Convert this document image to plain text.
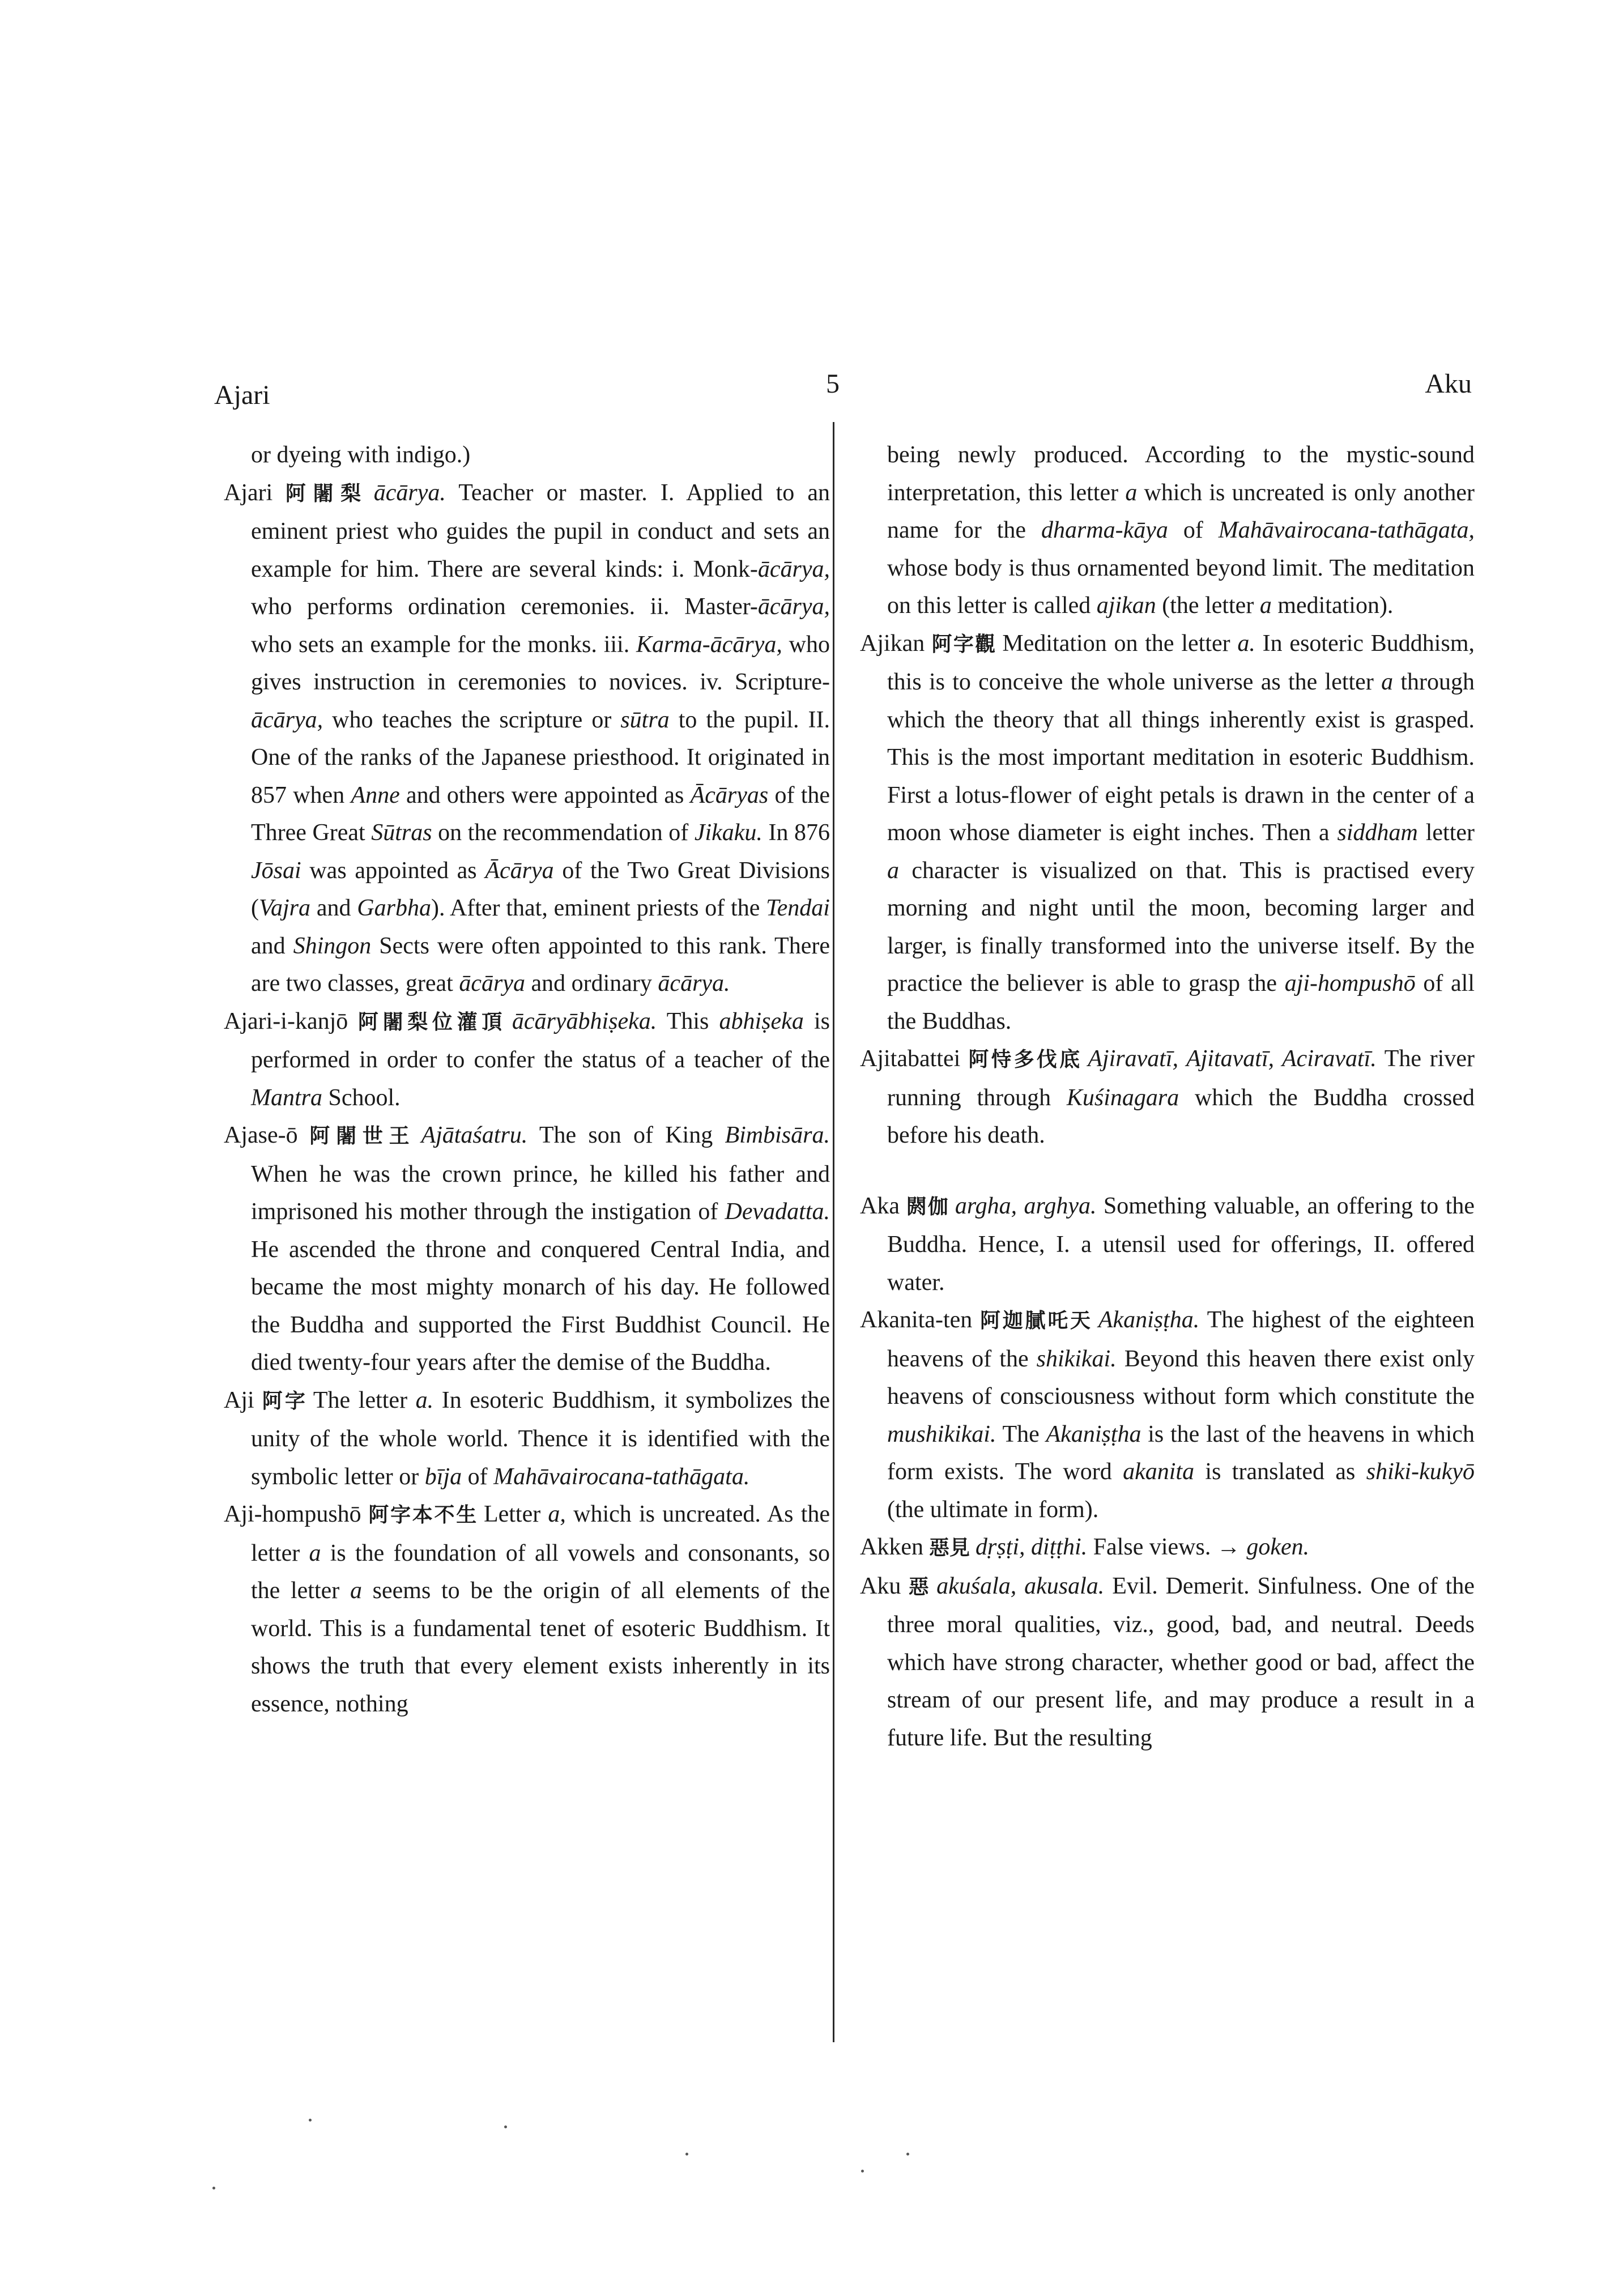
Ajari	5	Aku

or dyeing with indigo.)

Ajari 阿闍梨 ācārya. Teacher or master. I. Applied to an eminent priest who guides the pupil in conduct and sets an example for him. There are several kinds: i. Monk-ācārya, who performs ordination ceremonies. ii. Master-ācārya, who sets an example for the monks. iii. Karma-ācārya, who gives instruction in ceremonies to novices. iv. Scripture-ācārya, who teaches the scripture or sūtra to the pupil. II. One of the ranks of the Japanese priesthood. It originated in 857 when Anne and others were appointed as Ācāryas of the Three Great Sūtras on the recommendation of Jikaku. In 876 Jōsai was appointed as Ācārya of the Two Great Divisions (Vajra and Garbha). After that, eminent priests of the Tendai and Shingon Sects were often appointed to this rank. There are two classes, great ācārya and ordinary ācārya.

Ajari-i-kanjō 阿闍梨位灌頂 ācāryābhiṣeka. This abhiṣeka is performed in order to confer the status of a teacher of the Mantra School.

Ajase-ō 阿闍世王 Ajātaśatru. The son of King Bimbisāra. When he was the crown prince, he killed his father and imprisoned his mother through the instigation of Devadatta. He ascended the throne and conquered Central India, and became the most mighty monarch of his day. He followed the Buddha and supported the First Buddhist Council. He died twenty-four years after the demise of the Buddha.

Aji 阿字 The letter a. In esoteric Buddhism, it symbolizes the unity of the whole world. Thence it is identified with the symbolic letter or bīja of Mahāvairocana-tathāgata.

Aji-hompushō 阿字本不生 Letter a, which is uncreated. As the letter a is the foundation of all vowels and consonants, so the letter a seems to be the origin of all elements of the world. This is a fundamental tenet of esoteric Buddhism. It shows the truth that every element exists inherently in its essence, nothing

being newly produced. According to the mystic-sound interpretation, this letter a which is uncreated is only another name for the dharma-kāya of Mahāvairocana-tathāgata, whose body is thus ornamented beyond limit. The meditation on this letter is called ajikan (the letter a meditation).

Ajikan 阿字觀 Meditation on the letter a. In esoteric Buddhism, this is to conceive the whole universe as the letter a through which the theory that all things inherently exist is grasped. This is the most important meditation in esoteric Buddhism. First a lotus-flower of eight petals is drawn in the center of a moon whose diameter is eight inches. Then a siddham letter a character is visualized on that. This is practised every morning and night until the moon, becoming larger and larger, is finally transformed into the universe itself. By the practice the believer is able to grasp the aji-hompushō of all the Buddhas.

Ajitabattei 阿恃多伐底 Ajiravatī, Ajitavatī, Aciravatī. The river running through Kuśinagara which the Buddha crossed before his death.

Aka 閼伽 argha, arghya. Something valuable, an offering to the Buddha. Hence, I. a utensil used for offerings, II. offered water.

Akanita-ten 阿迦膩吒天 Akaniṣṭha. The highest of the eighteen heavens of the shikikai. Beyond this heaven there exist only heavens of consciousness without form which constitute the mushikikai. The Akaniṣṭha is the last of the heavens in which form exists. The word akanita is translated as shiki-kukyō (the ultimate in form).

Akken 惡見 dṛṣṭi, diṭṭhi. False views. → goken.

Aku 惡 akuśala, akusala. Evil. Demerit. Sinfulness. One of the three moral qualities, viz., good, bad, and neutral. Deeds which have strong character, whether good or bad, affect the stream of our present life, and may produce a result in a future life. But the resulting
